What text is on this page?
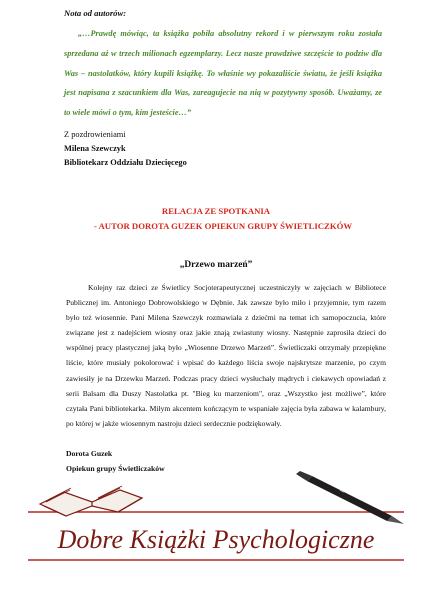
Nota od autorów:

„…Prawdę mówiąc, ta książka pobiła absolutny rekord i w pierwszym roku została sprzedana aż w trzech milionach egzemplarzy. Lecz nasze prawdziwe szczęście to podziw dla Was – nastolatków, który kupili książkę. To właśnie wy pokazaliście światu, że jeśli książka jest napisana z szacunkiem dla Was, zareagujecie na nią w pozytywny sposób. Uważamy, ze to wiele mówi o tym, kim jesteście…”

Z pozdrowieniami
Milena Szewczyk
Bibliotekarz Oddziału Dziecięcego
RELACJA ZE SPOTKANIA
- AUTOR DOROTA GUZEK OPIEKUN GRUPY ŚWIETLICZKÓW
„Drzewo marzeń”

Kolejny raz dzieci ze Świetlicy Socjoterapeutycznej uczestniczyły w zajęciach w Bibliotece Publicznej im. Antoniego Dobrowolskiego w Dębnie. Jak zawsze było miło i przyjemnie, tym razem było też wiosennie. Pani Milena Szewczyk rozmawiała z dziećmi na temat ich samopoczucia, które związane jest z nadejściem wiosny oraz jakie znają zwiastuny wiosny. Następnie zaprosiła dzieci do wspólnej pracy plastycznej jaką było „Wiosenne Drzewo Marzeń”. Świetliczaki otrzymały przepiękne liście, które musiały pokolorować i wpisać do każdego liścia swoje najskrytsze marzenie, po czym zawiesiły je na Drzewku Marzeń. Podczas pracy dzieci wysłuchały mądrych i ciekawych opowiadań z serii Balsam dla Duszy Nastolatka pt. "Bieg ku marzeniom", oraz „Wszystko jest możliwe”, które czytała Pani bibliotekarka. Miłym akcentem kończącym te wspaniałe zajęcia była zabawa w kalambury, po której w jakże wiosennym nastroju dzieci serdecznie podziękowały.

Dorota Guzek
Opiekun grupy Świetliczaków
Dobre Książki Psychologiczne
